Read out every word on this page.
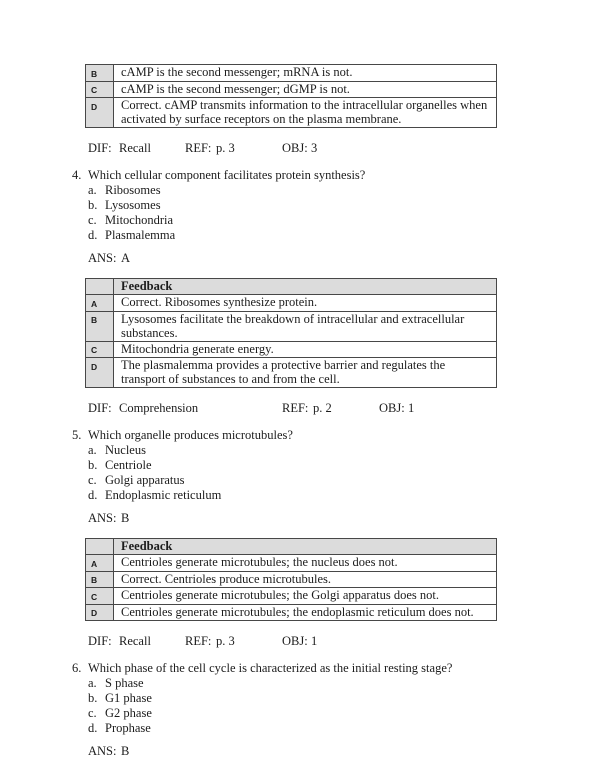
B	cAMP is the second messenger; mRNA is not.
C	cAMP is the second messenger; dGMP is not.
D	Correct. cAMP transmits information to the intracellular organelles when activated by surface receptors on the plasma membrane.
DIF: Recall	REF: p. 3	OBJ: 3
4. Which cellular component facilitates protein synthesis?
a. Ribosomes
b. Lysosomes
c. Mitochondria
d. Plasmalemma
ANS: A
	Feedback
A	Correct. Ribosomes synthesize protein.
B	Lysosomes facilitate the breakdown of intracellular and extracellular substances.
C	Mitochondria generate energy.
D	The plasmalemma provides a protective barrier and regulates the transport of substances to and from the cell.
DIF: Comprehension	REF: p. 2	OBJ: 1
5. Which organelle produces microtubules?
a. Nucleus
b. Centriole
c. Golgi apparatus
d. Endoplasmic reticulum
ANS: B
	Feedback
A	Centrioles generate microtubules; the nucleus does not.
B	Correct. Centrioles produce microtubules.
C	Centrioles generate microtubules; the Golgi apparatus does not.
D	Centrioles generate microtubules; the endoplasmic reticulum does not.
DIF: Recall	REF: p. 3	OBJ: 1
6. Which phase of the cell cycle is characterized as the initial resting stage?
a. S phase
b. G1 phase
c. G2 phase
d. Prophase
ANS: B
